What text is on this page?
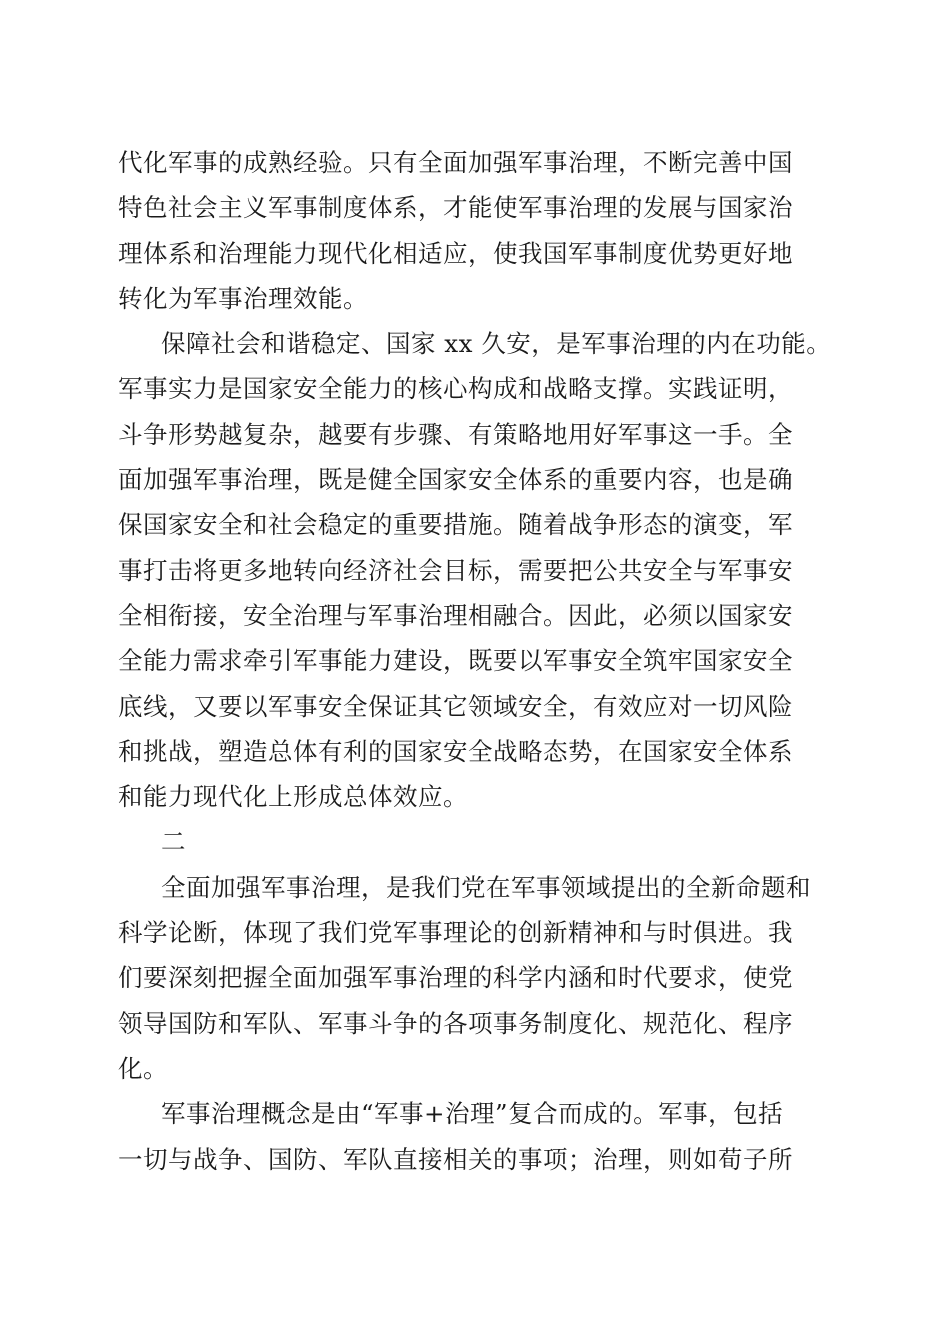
代化军事的成熟经验。只有全面加强军事治理，不断完善中国
特色社会主义军事制度体系，才能使军事治理的发展与国家治
理体系和治理能力现代化相适应，使我国军事制度优势更好地
转化为军事治理效能。
保障社会和谐稳定、国家 xx 久安，是军事治理的内在功能。
军事实力是国家安全能力的核心构成和战略支撑。实践证明，
斗争形势越复杂，越要有步骤、有策略地用好军事这一手。全
面加强军事治理，既是健全国家安全体系的重要内容，也是确
保国家安全和社会稳定的重要措施。随着战争形态的演变，军
事打击将更多地转向经济社会目标，需要把公共安全与军事安
全相衔接，安全治理与军事治理相融合。因此，必须以国家安
全能力需求牵引军事能力建设，既要以军事安全筑牢国家安全
底线，又要以军事安全保证其它领域安全，有效应对一切风险
和挑战，塑造总体有利的国家安全战略态势，在国家安全体系
和能力现代化上形成总体效应。
二
全面加强军事治理，是我们党在军事领域提出的全新命题和
科学论断，体现了我们党军事理论的创新精神和与时俱进。我
们要深刻把握全面加强军事治理的科学内涵和时代要求，使党
领导国防和军队、军事斗争的各项事务制度化、规范化、程序
化。
军事治理概念是由“军事+治理”复合而成的。军事，包括
一切与战争、国防、军队直接相关的事项；治理，则如荀子所
